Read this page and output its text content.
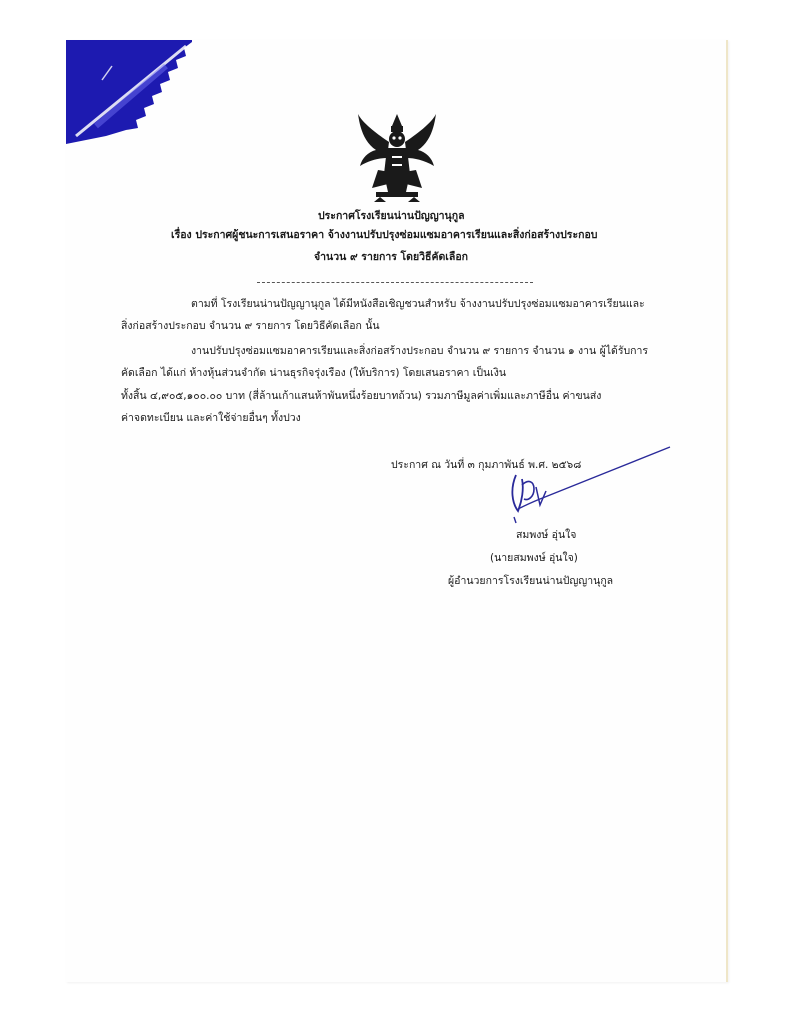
ประกาศโรงเรียนน่านปัญญานุกูล
เรื่อง ประกาศผู้ชนะการเสนอราคา จ้างงานปรับปรุงซ่อมแซมอาคารเรียนและสิ่งก่อสร้างประกอบ
จำนวน ๙ รายการ โดยวิธีคัดเลือก
ตามที่ โรงเรียนน่านปัญญานุกูล ได้มีหนังสือเชิญชวนสำหรับ จ้างงานปรับปรุงซ่อมแซมอาคารเรียนและ
สิ่งก่อสร้างประกอบ จำนวน ๙ รายการ โดยวิธีคัดเลือก นั้น
งานปรับปรุงซ่อมแซมอาคารเรียนและสิ่งก่อสร้างประกอบ จำนวน ๙ รายการ จำนวน ๑ งาน ผู้ได้รับการ
คัดเลือก ได้แก่ ห้างหุ้นส่วนจำกัด น่านธุรกิจรุ่งเรือง (ให้บริการ) โดยเสนอราคา เป็นเงิน
ทั้งสิ้น ๔,๙๐๕,๑๐๐.๐๐ บาท (สี่ล้านเก้าแสนห้าพันหนึ่งร้อยบาทถ้วน) รวมภาษีมูลค่าเพิ่มและภาษีอื่น ค่าขนส่ง
ค่าจดทะเบียน และค่าใช้จ่ายอื่นๆ ทั้งปวง
ประกาศ ณ วันที่ ๓ กุมภาพันธ์ พ.ศ. ๒๕๖๘
สมพงษ์ อุ่นใจ
(นายสมพงษ์ อุ่นใจ)
ผู้อำนวยการโรงเรียนน่านปัญญานุกูล
